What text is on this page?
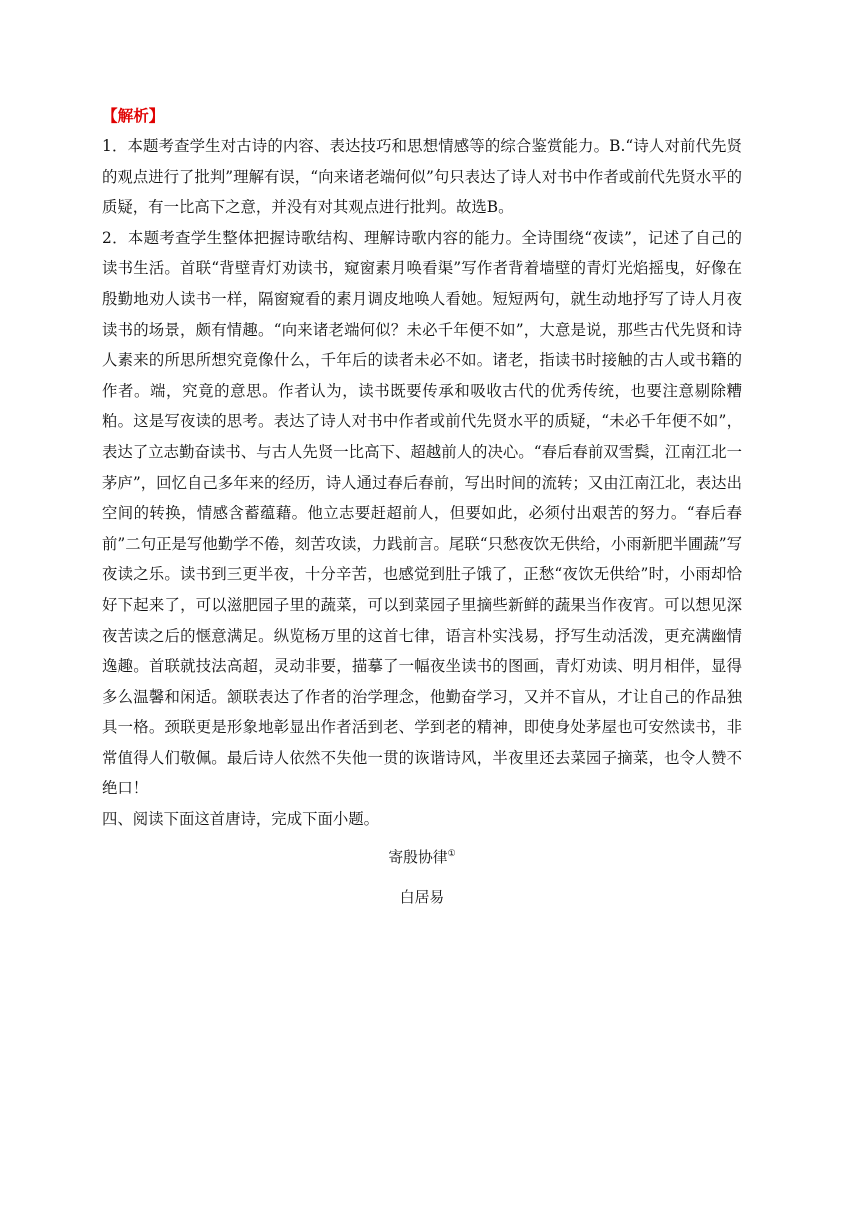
【解析】

1．本题考查学生对古诗的内容、表达技巧和思想情感等的综合鉴赏能力。B.“诗人对前代先贤的观点进行了批判”理解有误，“向来诸老端何似”句只表达了诗人对书中作者或前代先贤水平的质疑，有一比高下之意，并没有对其观点进行批判。故选B。

2．本题考查学生整体把握诗歌结构、理解诗歌内容的能力。全诗围绕“夜读”，记述了自己的读书生活。首联“背壁青灯劝读书，窥窗素月唤看渠”写作者背着墙壁的青灯光焰摇曳，好像在殷勤地劝人读书一样，隔窗窥看的素月调皮地唤人看她。短短两句，就生动地抒写了诗人月夜读书的场景，颇有情趣。“向来诸老端何似？未必千年便不如”，大意是说，那些古代先贤和诗人素来的所思所想究竟像什么，千年后的读者未必不如。诸老，指读书时接触的古人或书籍的作者。端，究竟的意思。作者认为，读书既要传承和吸收古代的优秀传统，也要注意剔除糟粕。这是写夜读的思考。表达了诗人对书中作者或前代先贤水平的质疑，“未必千年便不如”，表达了立志勤奋读书、与古人先贤一比高下、超越前人的决心。“春后春前双雪鬓，江南江北一茅庐”，回忆自己多年来的经历，诗人通过春后春前，写出时间的流转；又由江南江北，表达出空间的转换，情感含蓄蕴藉。他立志要赶超前人，但要如此，必须付出艰苦的努力。“春后春前”二句正是写他勤学不倦，刻苦攻读，力践前言。尾联“只愁夜饮无供给，小雨新肥半圃蔬”写夜读之乐。读书到三更半夜，十分辛苦，也感觉到肚子饿了，正愁“夜饮无供给”时，小雨却恰好下起来了，可以滋肥园子里的蔬菜，可以到菜园子里摘些新鲜的蔬果当作夜宵。可以想见深夜苦读之后的惬意满足。纵览杨万里的这首七律，语言朴实浅易，抒写生动活泼，更充满幽情逸趣。首联就技法高超，灵动非要，描摹了一幅夜坐读书的图画，青灯劝读、明月相伴，显得多么温馨和闲适。颔联表达了作者的治学理念，他勤奋学习，又并不盲从，才让自己的作品独具一格。颈联更是形象地彰显出作者活到老、学到老的精神，即使身处茅屋也可安然读书，非常值得人们敬佩。最后诗人依然不失他一贯的诙谐诗风，半夜里还去菜园子摘菜，也令人赞不绝口！

四、阅读下面这首唐诗，完成下面小题。

寄殷协律①
白居易
